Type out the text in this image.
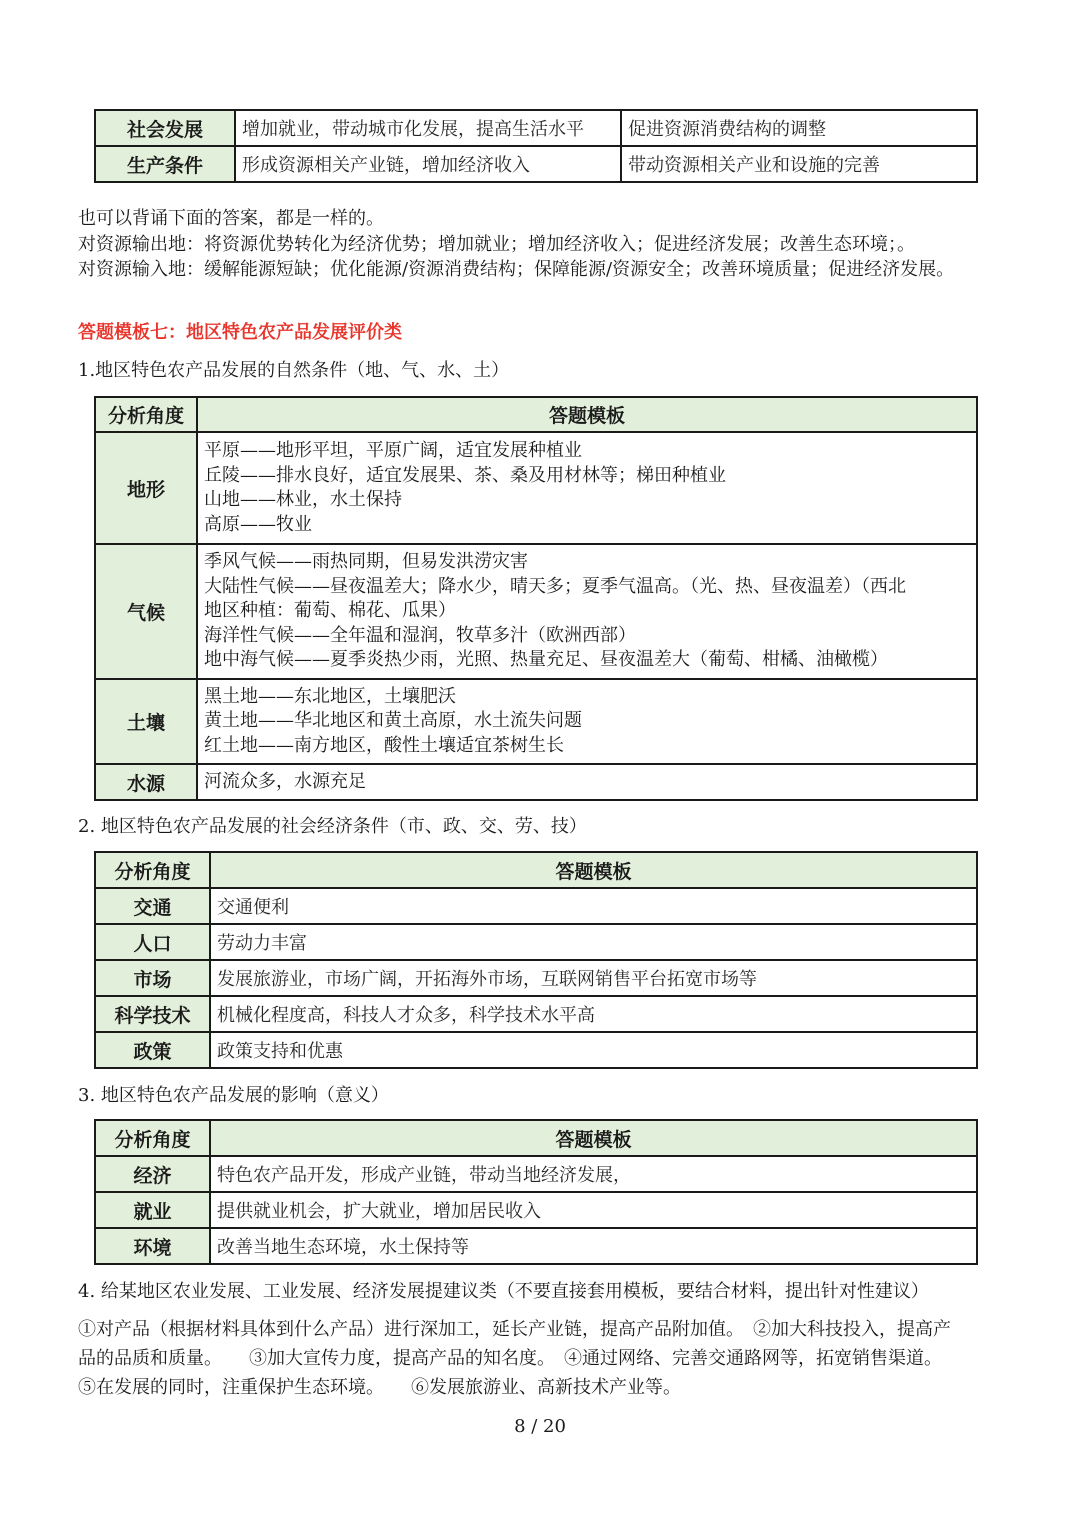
社会发展	增加就业，带动城市化发展，提高生活水平	促进资源消费结构的调整
生产条件	形成资源相关产业链，增加经济收入	带动资源相关产业和设施的完善
也可以背诵下面的答案，都是一样的。
对资源输出地：将资源优势转化为经济优势；增加就业；增加经济收入；促进经济发展；改善生态环境；。
对资源输入地：缓解能源短缺；优化能源/资源消费结构；保障能源/资源安全；改善环境质量；促进经济发展。
答题模板七：地区特色农产品发展评价类
1.地区特色农产品发展的自然条件（地、气、水、土）
分析角度	答题模板
地形	平原——地形平坦，平原广阔，适宜发展种植业
丘陵——排水良好，适宜发展果、茶、桑及用材林等；梯田种植业
山地——林业，水土保持
高原——牧业

气候	季风气候——雨热同期，但易发洪涝灾害
大陆性气候——昼夜温差大；降水少，晴天多；夏季气温高。（光、热、昼夜温差）（西北
地区种植：葡萄、棉花、瓜果）
海洋性气候——全年温和湿润，牧草多汁（欧洲西部）
地中海气候——夏季炎热少雨，光照、热量充足、昼夜温差大（葡萄、柑橘、油橄榄）

土壤	黑土地——东北地区，土壤肥沃
黄土地——华北地区和黄土高原，水土流失问题
红土地——南方地区，酸性土壤适宜茶树生长

水源	河流众多，水源充足
2. 地区特色农产品发展的社会经济条件（市、政、交、劳、技）
分析角度	答题模板
交通	交通便利
人口	劳动力丰富
市场	发展旅游业，市场广阔，开拓海外市场，互联网销售平台拓宽市场等
科学技术	机械化程度高，科技人才众多，科学技术水平高
政策	政策支持和优惠
3. 地区特色农产品发展的影响（意义）
分析角度	答题模板
经济	特色农产品开发，形成产业链，带动当地经济发展，
就业	提供就业机会，扩大就业，增加居民收入
环境	改善当地生态环境，水土保持等
4. 给某地区农业发展、工业发展、经济发展提建议类（不要直接套用模板，要结合材料，提出针对性建议）
①对产品（根据材料具体到什么产品）进行深加工，延长产业链，提高产品附加值。　②加大科技投入，提高产
品的品质和质量。　　③加大宣传力度，提高产品的知名度。　④通过网络、完善交通路网等，拓宽销售渠道。
⑤在发展的同时，注重保护生态环境。　　⑥发展旅游业、高新技术产业等。
8 / 20
